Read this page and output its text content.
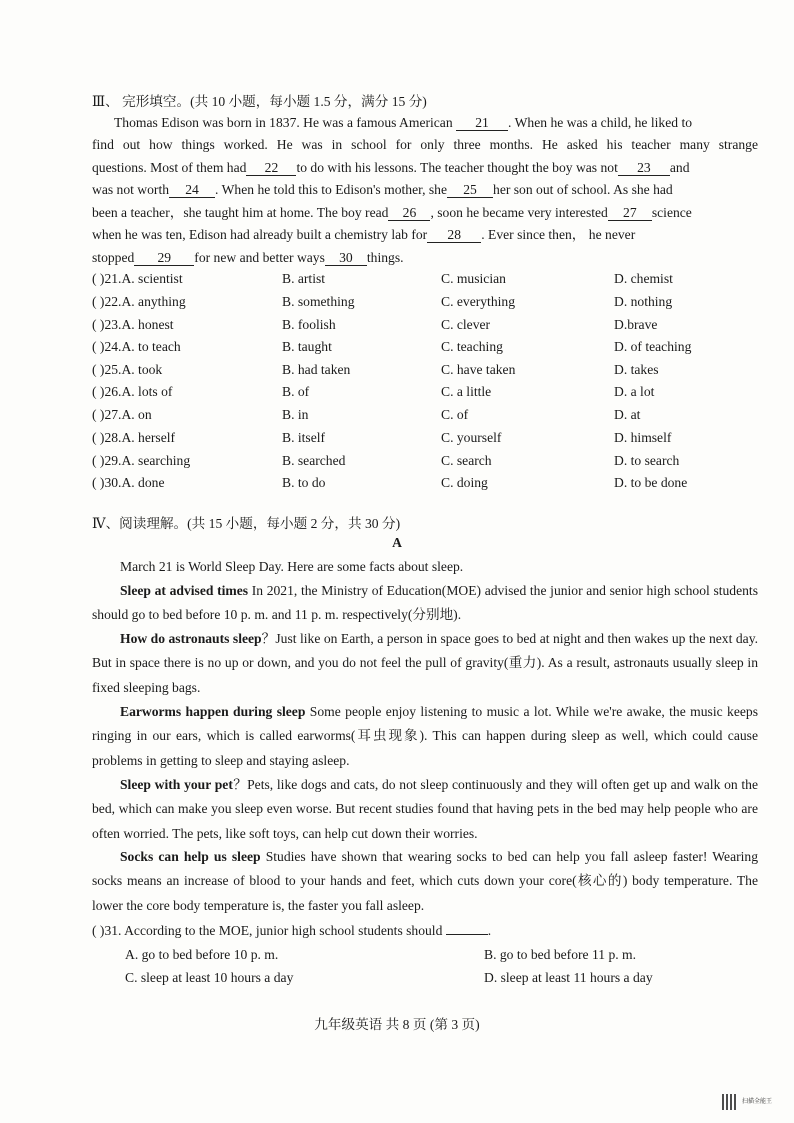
Ⅲ、 完形填空。(共 10 小题，每小题 1.5 分，满分 15 分)
Thomas Edison was born in 1837. He was a famous American 21 . When he was a child, he liked to
find out how things worked. He was in school for only three months. He asked his teacher many strange
questions. Most of them had 22 to do with his lessons. The teacher thought the boy was not 23 and
was not worth 24 . When he told this to Edison's mother, she 25 her son out of school. As she had
been a teacher，she taught him at home. The boy read 26 , soon he became very interested 27 science
when he was ten, Edison had already built a chemistry lab for 28 . Ever since then， he never
stopped 29 for new and better ways 30 things.
( )21.A. scientist	B. artist	C. musician	D. chemist
( )22.A. anything	B. something	C. everything	D. nothing
( )23.A. honest	B. foolish	C. clever	D.brave
( )24.A. to teach	B. taught	C. teaching	D. of teaching
( )25.A. took	B. had taken	C. have taken	D. takes
( )26.A. lots of	B. of	C. a little	D. a lot
( )27.A. on	B. in	C. of	D. at
( )28.A. herself	B. itself	C. yourself	D. himself
( )29.A. searching	B. searched	C. search	D. to search
( )30.A. done	B. to do	C. doing	D. to be done
Ⅳ、阅读理解。(共 15 小题，每小题 2 分，共 30 分)
A
March 21 is World Sleep Day. Here are some facts about sleep.
Sleep at advised times In 2021, the Ministry of Education(MOE) advised the junior and senior high school students should go to bed before 10 p. m. and 11 p. m. respectively(分别地).
How do astronauts sleep？Just like on Earth, a person in space goes to bed at night and then wakes up the next day. But in space there is no up or down, and you do not feel the pull of gravity(重力). As a result, astronauts usually sleep in fixed sleeping bags.
Earworms happen during sleep Some people enjoy listening to music a lot. While we're awake, the music keeps ringing in our ears, which is called earworms(耳虫现象). This can happen during sleep as well, which could cause problems in getting to sleep and staying asleep.
Sleep with your pet？Pets, like dogs and cats, do not sleep continuously and they will often get up and walk on the bed, which can make you sleep even worse. But recent studies found that having pets in the bed may help people who are often worried. The pets, like soft toys, can help cut down their worries.
Socks can help us sleep Studies have shown that wearing socks to bed can help you fall asleep faster! Wearing socks means an increase of blood to your hands and feet, which cuts down your core(核心的) body temperature. The lower the core body temperature is, the faster you fall asleep.
( )31. According to the MOE, junior high school students should	.
A. go to bed before 10 p. m.	B. go to bed before 11 p. m.
C. sleep at least 10 hours a day	D. sleep at least 11 hours a day
九年级英语 共 8 页 (第 3 页)
扫描全能王
